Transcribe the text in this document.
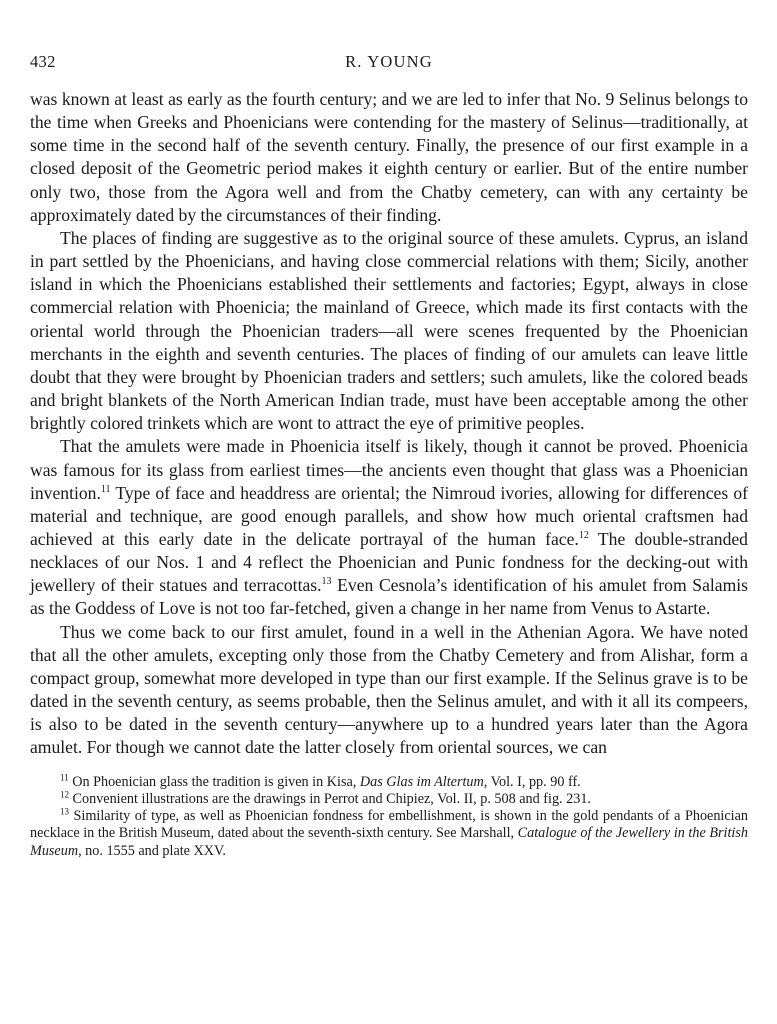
432	R. YOUNG

was known at least as early as the fourth century; and we are led to infer that No. 9 Selinus belongs to the time when Greeks and Phoenicians were contending for the mastery of Selinus—traditionally, at some time in the second half of the seventh century. Finally, the presence of our first example in a closed deposit of the Geometric period makes it eighth century or earlier. But of the entire number only two, those from the Agora well and from the Chatby cemetery, can with any certainty be approximately dated by the circumstances of their finding.

The places of finding are suggestive as to the original source of these amulets. Cyprus, an island in part settled by the Phoenicians, and having close commercial relations with them; Sicily, another island in which the Phoenicians established their settlements and factories; Egypt, always in close commercial relation with Phoenicia; the mainland of Greece, which made its first contacts with the oriental world through the Phoenician traders—all were scenes frequented by the Phoenician merchants in the eighth and seventh centuries. The places of finding of our amulets can leave little doubt that they were brought by Phoenician traders and settlers; such amulets, like the colored beads and bright blankets of the North American Indian trade, must have been acceptable among the other brightly colored trinkets which are wont to attract the eye of primitive peoples.

That the amulets were made in Phoenicia itself is likely, though it cannot be proved. Phoenicia was famous for its glass from earliest times—the ancients even thought that glass was a Phoenician invention.$^{11}$ Type of face and headdress are oriental; the Nimroud ivories, allowing for differences of material and technique, are good enough parallels, and show how much oriental craftsmen had achieved at this early date in the delicate portrayal of the human face.$^{12}$ The double-stranded necklaces of our Nos. 1 and 4 reflect the Phoenician and Punic fondness for the decking-out with jewellery of their statues and terracottas.$^{13}$ Even Cesnola’s identification of his amulet from Salamis as the Goddess of Love is not too far-fetched, given a change in her name from Venus to Astarte.

Thus we come back to our first amulet, found in a well in the Athenian Agora. We have noted that all the other amulets, excepting only those from the Chatby Cemetery and from Alishar, form a compact group, somewhat more developed in type than our first example. If the Selinus grave is to be dated in the seventh century, as seems probable, then the Selinus amulet, and with it all its compeers, is also to be dated in the seventh century—anywhere up to a hundred years later than the Agora amulet. For though we cannot date the latter closely from oriental sources, we can

$^{11}$ On Phoenician glass the tradition is given in Kisa, Das Glas im Altertum, Vol. I, pp. 90 ff.

$^{12}$ Convenient illustrations are the drawings in Perrot and Chipiez, Vol. II, p. 508 and fig. 231.

$^{13}$ Similarity of type, as well as Phoenician fondness for embellishment, is shown in the gold pendants of a Phoenician necklace in the British Museum, dated about the seventh-sixth century. See Marshall, Catalogue of the Jewellery in the British Museum, no. 1555 and plate XXV.
